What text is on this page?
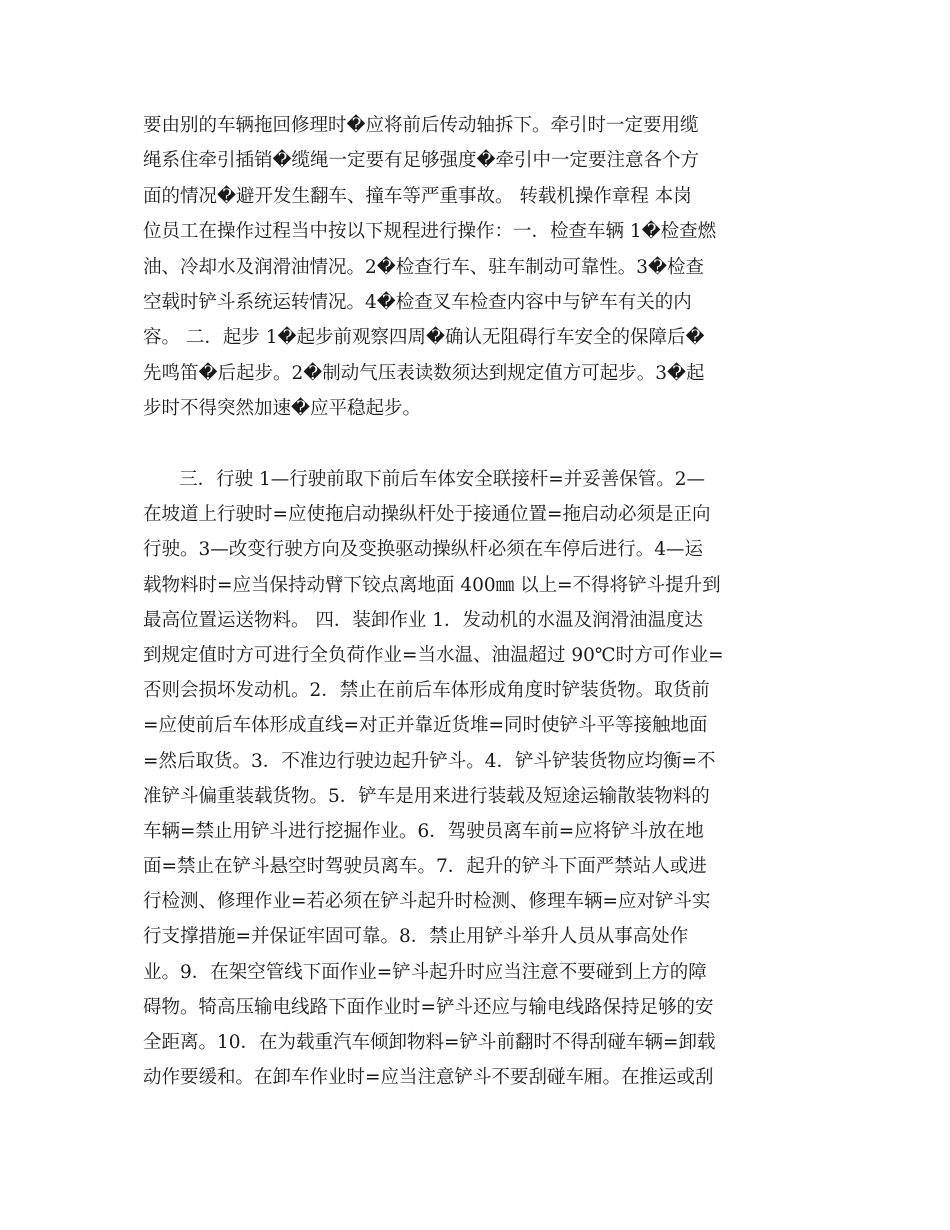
要由别的车辆拖回修理时�应将前后传动轴拆下。牵引时一定要用缆
绳系住牵引插销�缆绳一定要有足够强度�牵引中一定要注意各个方
面的情况�避开发生翻车、撞车等严重事故。 转载机操作章程 本岗
位员工在操作过程当中按以下规程进行操作：一．检查车辆 1�检查燃
油、冷却水及润滑油情况。2�检查行车、驻车制动可靠性。3�检查
空载时铲斗系统运转情况。4�检查叉车检查内容中与铲车有关的内
容。 二．起步 1�起步前观察四周�确认无阻碍行车安全的保障后�
先鸣笛�后起步。2�制动气压表读数须达到规定值方可起步。3�起
步时不得突然加速�应平稳起步。
三．行驶 1—行驶前取下前后车体安全联接杆=并妥善保管。2—
在坡道上行驶时=应使拖启动操纵杆处于接通位置=拖启动必须是正向
行驶。3—改变行驶方向及变换驱动操纵杆必须在车停后进行。4—运
载物料时=应当保持动臂下铰点离地面 400㎜ 以上=不得将铲斗提升到
最高位置运送物料。 四．装卸作业 1．发动机的水温及润滑油温度达
到规定值时方可进行全负荷作业=当水温、油温超过 90℃时方可作业=
否则会损坏发动机。2．禁止在前后车体形成角度时铲装货物。取货前
=应使前后车体形成直线=对正并靠近货堆=同时使铲斗平等接触地面
=然后取货。3．不准边行驶边起升铲斗。4．铲斗铲装货物应均衡=不
准铲斗偏重装载货物。5．铲车是用来进行装载及短途运输散装物料的
车辆=禁止用铲斗进行挖掘作业。6．驾驶员离车前=应将铲斗放在地
面=禁止在铲斗悬空时驾驶员离车。7．起升的铲斗下面严禁站人或进
行检测、修理作业=若必须在铲斗起升时检测、修理车辆=应对铲斗实
行支撑措施=并保证牢固可靠。8．禁止用铲斗举升人员从事高处作
业。9．在架空管线下面作业=铲斗起升时应当注意不要碰到上方的障
碍物。犄高压输电线路下面作业时=铲斗还应与输电线路保持足够的安
全距离。10．在为载重汽车倾卸物料=铲斗前翻时不得刮碰车辆=卸载
动作要缓和。在卸车作业时=应当注意铲斗不要刮碰车厢。在推运或刮
